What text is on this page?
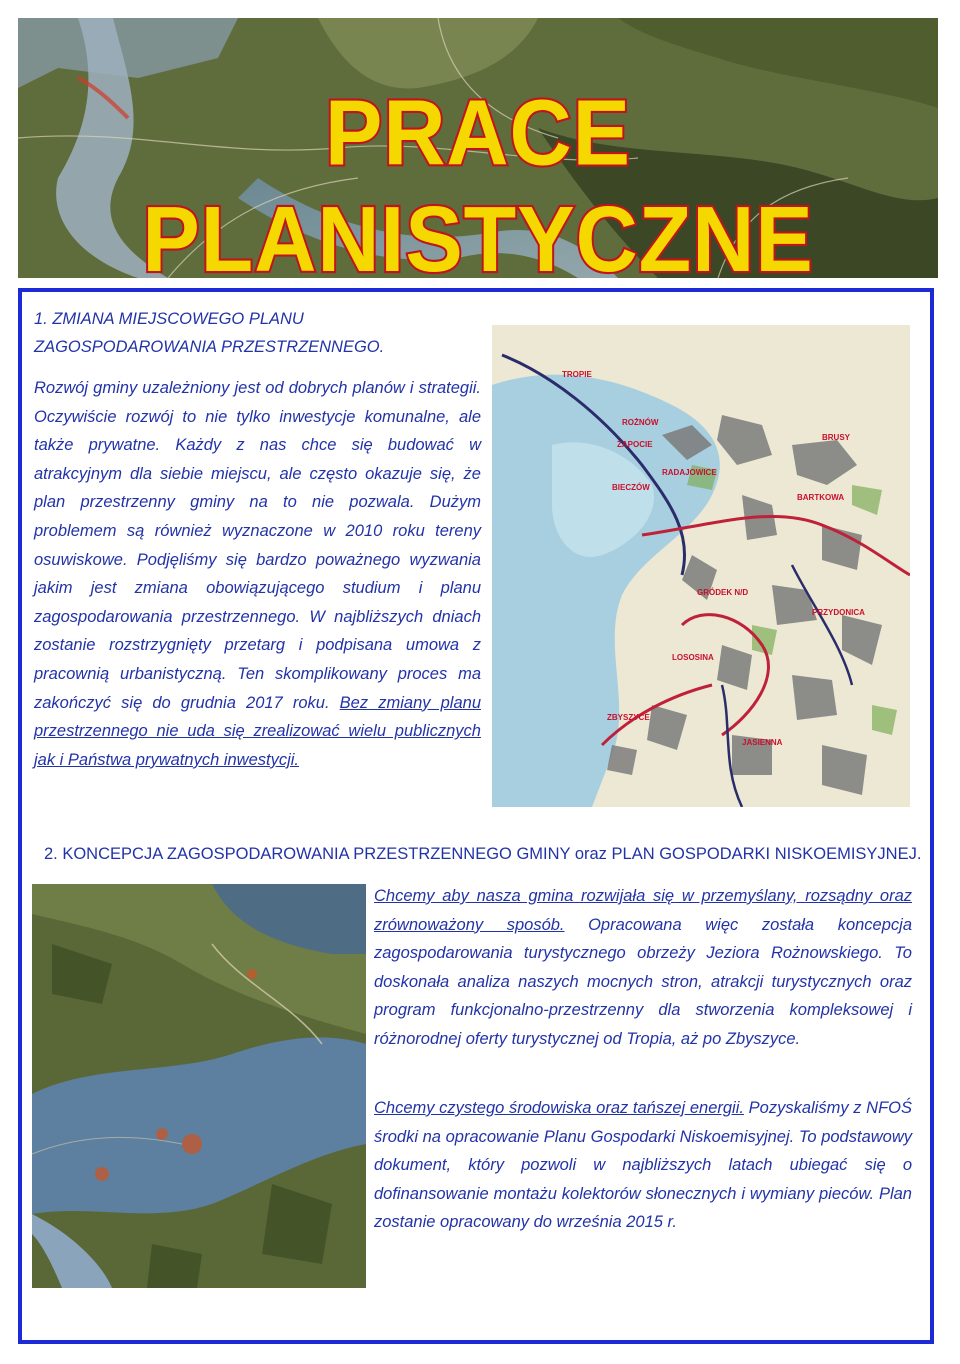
PRACE PLANISTYCZNE
1. ZMIANA MIEJSCOWEGO PLANU
ZAGOSPODAROWANIA PRZESTRZENNEGO.
Rozwój gminy uzależniony jest od dobrych planów i strategii. Oczywiście rozwój to nie tylko inwestycje komunalne, ale także prywatne. Każdy z nas chce się budować w atrakcyjnym dla siebie miejscu, ale często okazuje się, że plan przestrzenny gminy na to nie pozwala. Dużym problemem są również wyznaczone w 2010 roku tereny osuwiskowe. Podjęliśmy się bardzo poważnego wyzwania jakim jest zmiana obowiązującego studium i planu zagospodarowania przestrzennego. W najbliższych dniach zostanie rozstrzygnięty przetarg i podpisana umowa z pracownią urbanistyczną. Ten skomplikowany proces ma zakończyć się do grudnia 2017 roku. Bez zmiany planu przestrzennego nie uda się zrealizować wielu publicznych jak i Państwa prywatnych inwestycji.
TROPIE
ROŻNÓW
BIECZÓW
ZAPOCIE
BARTKOWA
RADAJOWICE
ZBYSZYCE
GRÓDEK N/D
PRZYDONICA
LOSOSINA
JASIENNA
BRUSY
2. KONCEPCJA ZAGOSPODAROWANIA PRZESTRZENNEGO GMINY oraz PLAN GOSPODARKI NISKOEMISYJNEJ.
Chcemy aby nasza gmina rozwijała się w przemyślany, rozsądny oraz zrównoważony sposób. Opracowana więc została koncepcja zagospodarowania turystycznego obrzeży Jeziora Rożnowskiego. To doskonała analiza naszych mocnych stron, atrakcji turystycznych oraz program funkcjonalno-przestrzenny dla stworzenia kompleksowej i różnorodnej oferty turystycznej od Tropia, aż po Zbyszyce.
Chcemy czystego środowiska oraz tańszej energii. Pozyskaliśmy z NFOŚ środki na opracowanie Planu Gospodarki Niskoemisyjnej. To podstawowy dokument, który pozwoli w najbliższych latach ubiegać się o dofinansowanie montażu kolektorów słonecznych i wymiany pieców. Plan zostanie opracowany do września 2015 r.
